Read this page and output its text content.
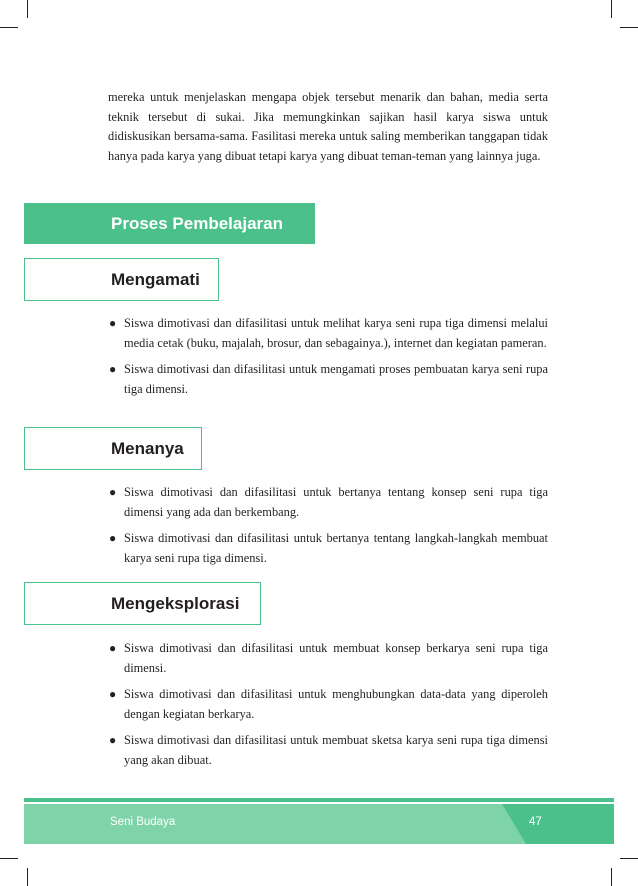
mereka untuk menjelaskan mengapa objek tersebut menarik dan bahan, media serta teknik tersebut di sukai. Jika memungkinkan sajikan hasil karya siswa untuk didiskusikan bersama-sama. Fasilitasi mereka untuk saling memberikan tanggapan tidak hanya pada karya yang dibuat tetapi karya yang dibuat teman-teman yang lainnya juga.

Proses Pembelajaran
Mengamati
● Siswa dimotivasi dan difasilitasi untuk melihat karya seni rupa tiga dimensi melalui media cetak (buku, majalah, brosur, dan sebagainya.), internet dan kegiatan pameran.
● Siswa dimotivasi dan difasilitasi untuk mengamati proses pembuatan karya seni rupa tiga dimensi.
Menanya
● Siswa dimotivasi dan difasilitasi untuk bertanya tentang konsep seni rupa tiga dimensi yang ada dan berkembang.
● Siswa dimotivasi dan difasilitasi untuk bertanya tentang langkah-langkah membuat karya seni rupa tiga dimensi.
Mengeksplorasi
● Siswa dimotivasi dan difasilitasi untuk membuat konsep berkarya seni rupa tiga dimensi.
● Siswa dimotivasi dan difasilitasi untuk menghubungkan data-data yang diperoleh dengan kegiatan berkarya.
● Siswa dimotivasi dan difasilitasi untuk membuat sketsa karya seni rupa tiga dimensi yang akan dibuat.
Seni Budaya	47
